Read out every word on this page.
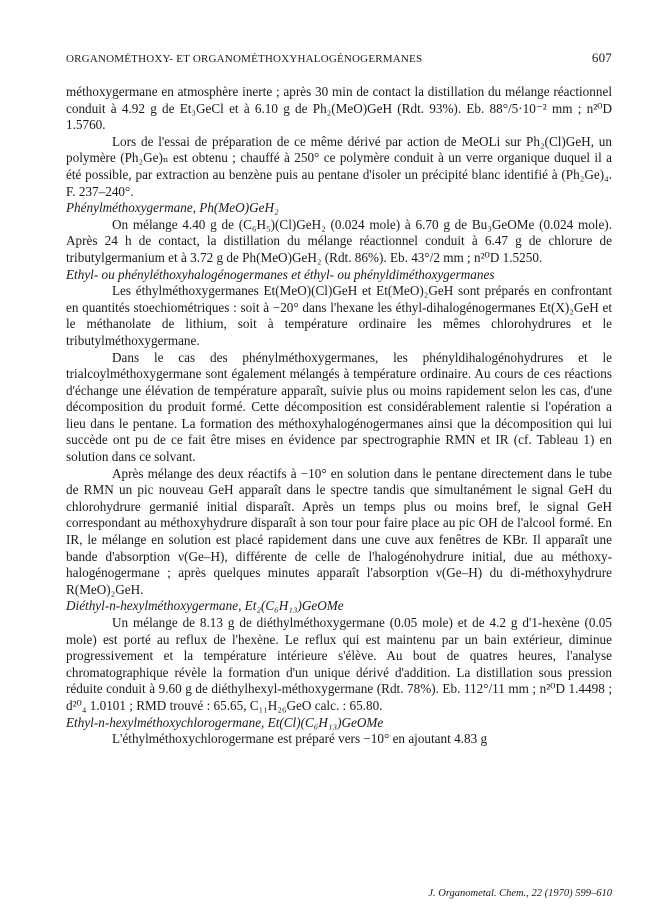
ORGANOMÉTHOXY- ET ORGANOMÉTHOXYHALOGÉNOGERMANES	607

méthoxygermane en atmosphère inerte ; après 30 min de contact la distillation du mélange réactionnel conduit à 4.92 g de Et₃GeCl et à 6.10 g de Ph₂(MeO)GeH (Rdt. 93%). Eb. 88°/5·10⁻² mm ; n²⁰D 1.5760.

Lors de l'essai de préparation de ce même dérivé par action de MeOLi sur Ph₂(Cl)GeH, un polymère (Ph₂Ge)ₙ est obtenu ; chauffé à 250° ce polymère conduit à un verre organique duquel il a été possible, par extraction au benzène puis au pentane d'isoler un précipité blanc identifié à (Ph₂Ge)₄. F. 237–240°.

Phénylméthoxygermane, Ph(MeO)GeH₂

On mélange 4.40 g de (C₆H₅)(Cl)GeH₂ (0.024 mole) à 6.70 g de Bu₃GeOMe (0.024 mole). Après 24 h de contact, la distillation du mélange réactionnel conduit à 6.47 g de chlorure de tributylgermanium et à 3.72 g de Ph(MeO)GeH₂ (Rdt. 86%). Eb. 43°/2 mm ; n²⁰D 1.5250.

Ethyl- ou phényléthoxyhalogénogermanes et éthyl- ou phényldiméthoxygermanes

Les éthylméthoxygermanes Et(MeO)(Cl)GeH et Et(MeO)₂GeH sont préparés en confrontant en quantités stoechiométriques : soit à −20° dans l'hexane les éthyl-dihalogénogermanes Et(X)₂GeH et le méthanolate de lithium, soit à température ordinaire les mêmes chlorohydrures et le tributylméthoxygermane.

Dans le cas des phénylméthoxygermanes, les phényldihalogénohydrures et le trialcoylméthoxygermane sont également mélangés à température ordinaire. Au cours de ces réactions d'échange une élévation de température apparaît, suivie plus ou moins rapidement selon les cas, d'une décomposition du produit formé. Cette décomposition est considérablement ralentie si l'opération a lieu dans le pentane. La formation des méthoxyhalogénogermanes ainsi que la décomposition qui lui succède ont pu de ce fait être mises en évidence par spectrographie RMN et IR (cf. Tableau 1) en solution dans ce solvant.

Après mélange des deux réactifs à −10° en solution dans le pentane directement dans le tube de RMN un pic nouveau GeH apparaît dans le spectre tandis que simultanément le signal GeH du chlorohydrure germanié initial disparaît. Après un temps plus ou moins bref, le signal GeH correspondant au méthoxyhydrure disparaît à son tour pour faire place au pic OH de l'alcool formé. En IR, le mélange en solution est placé rapidement dans une cuve aux fenêtres de KBr. Il apparaît une bande d'absorption ν(Ge–H), différente de celle de l'halogénohydrure initial, due au méthoxy-halogénogermane ; après quelques minutes apparaît l'absorption ν(Ge–H) du di-méthoxyhydrure R(MeO)₂GeH.

Diéthyl-n-hexylméthoxygermane, Et₂(C₆H₁₃)GeOMe

Un mélange de 8.13 g de diéthylméthoxygermane (0.05 mole) et de 4.2 g d'1-hexène (0.05 mole) est porté au reflux de l'hexène. Le reflux qui est maintenu par un bain extérieur, diminue progressivement et la température intérieure s'élève. Au bout de quatres heures, l'analyse chromatographique révèle la formation d'un unique dérivé d'addition. La distillation sous pression réduite conduit à 9.60 g de diéthylhexyl-méthoxygermane (Rdt. 78%). Eb. 112°/11 mm ; n²⁰D 1.4498 ; d²⁰₄ 1.0101 ; RMD trouvé : 65.65, C₁₁H₂₆GeO calc. : 65.80.

Ethyl-n-hexylméthoxychlorogermane, Et(Cl)(C₆H₁₃)GeOMe

L'éthylméthoxychlorogermane est préparé vers −10° en ajoutant 4.83 g

J. Organometal. Chem., 22 (1970) 599–610
